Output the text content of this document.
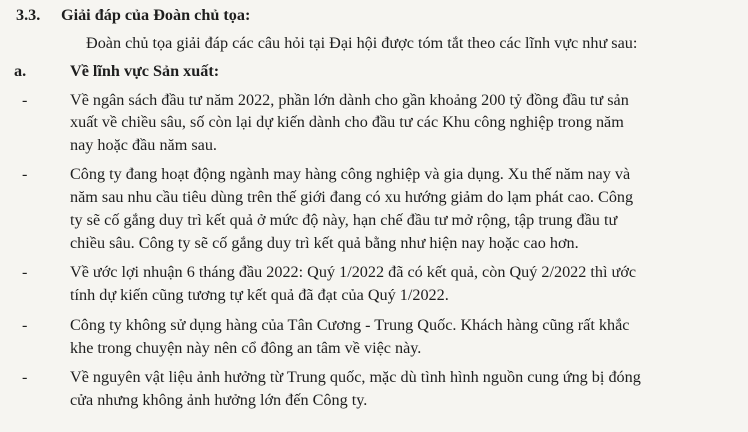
3.3. Giải đáp của Đoàn chủ tọa:
Đoàn chủ tọa giải đáp các câu hỏi tại Đại hội được tóm tắt theo các lĩnh vực như sau:
a.	Về lĩnh vực Sản xuất:
-	Về ngân sách đầu tư năm 2022, phần lớn dành cho gần khoảng 200 tỷ đồng đầu tư sản
xuất về chiều sâu, số còn lại dự kiến dành cho đầu tư các Khu công nghiệp trong năm
nay hoặc đầu năm sau.
-	Công ty đang hoạt động ngành may hàng công nghiệp và gia dụng. Xu thế năm nay và
năm sau nhu cầu tiêu dùng trên thế giới đang có xu hướng giảm do lạm phát cao. Công
ty sẽ cố gắng duy trì kết quả ở mức độ này, hạn chế đầu tư mở rộng, tập trung đầu tư
chiều sâu. Công ty sẽ cố gắng duy trì kết quả bằng như hiện nay hoặc cao hơn.
-	Về ước lợi nhuận 6 tháng đầu 2022: Quý 1/2022 đã có kết quả, còn Quý 2/2022 thì ước
tính dự kiến cũng tương tự kết quả đã đạt của Quý 1/2022.
-	Công ty không sử dụng hàng của Tân Cương - Trung Quốc. Khách hàng cũng rất khắc
khe trong chuyện này nên cổ đông an tâm về việc này.
-	Về nguyên vật liệu ảnh hưởng từ Trung quốc, mặc dù tình hình nguồn cung ứng bị đóng
cửa nhưng không ảnh hưởng lớn đến Công ty.
